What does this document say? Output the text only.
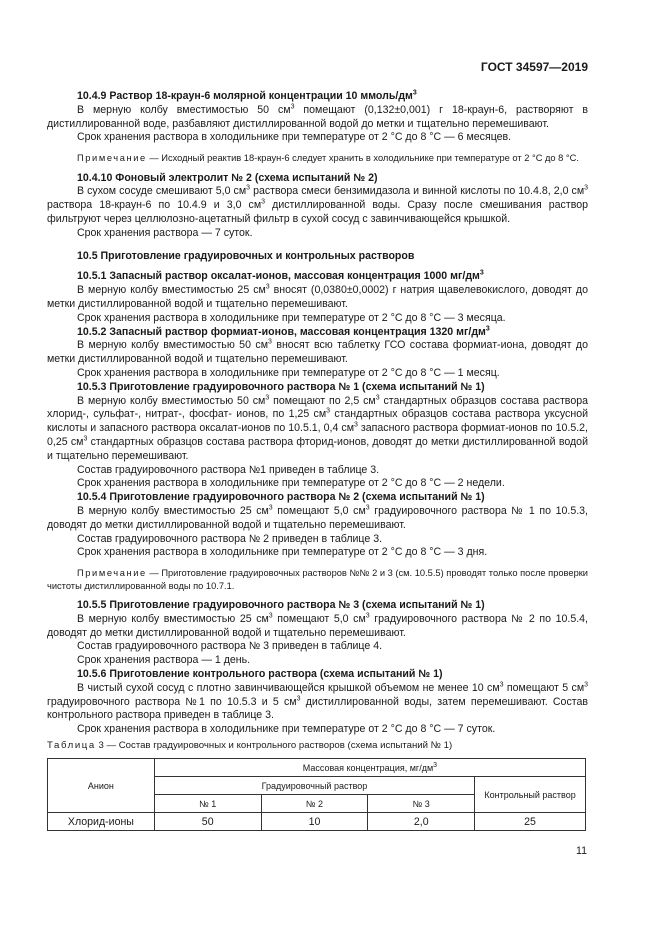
ГОСТ 34597—2019

10.4.9 Раствор 18-краун-6 молярной концентрации 10 ммоль/$дм^3$

В мерную колбу вместимостью 50 $см^3$ помещают (0,132±0,001) г 18-краун-6, растворяют в дистиллированной воде, разбавляют дистиллированной водой до метки и тщательно перемешивают.

Срок хранения раствора в холодильнике при температуре от 2 °С до 8 °С — 6 месяцев.

Примечание — Исходный реактив 18-краун-6 следует хранить в холодильнике при температуре от 2 °С до 8 °С.

10.4.10 Фоновый электролит № 2 (схема испытаний № 2)

В сухом сосуде смешивают 5,0 $см^3$ раствора смеси бензимидазола и винной кислоты по 10.4.8, 2,0 $см^3$ раствора 18-краун-6 по 10.4.9 и 3,0 $см^3$ дистиллированной воды. Сразу после смешивания раствор фильтруют через целлюлозно-ацетатный фильтр в сухой сосуд с завинчивающейся крышкой.

Срок хранения раствора — 7 суток.

10.5 Приготовление градуировочных и контрольных растворов

10.5.1 Запасный раствор оксалат-ионов, массовая концентрация 1000 $мг/дм^3$

В мерную колбу вместимостью 25 $см^3$ вносят (0,0380±0,0002) г натрия щавелевокислого, доводят до метки дистиллированной водой и тщательно перемешивают.

Срок хранения раствора в холодильнике при температуре от 2 °С до 8 °С — 3 месяца.

10.5.2 Запасный раствор формиат-ионов, массовая концентрация 1320 $мг/дм^3$

В мерную колбу вместимостью 50 $см^3$ вносят всю таблетку ГСО состава формиат-иона, доводят до метки дистиллированной водой и тщательно перемешивают.

Срок хранения раствора в холодильнике при температуре от 2 °С до 8 °С — 1 месяц.

10.5.3 Приготовление градуировочного раствора № 1 (схема испытаний № 1)

В мерную колбу вместимостью 50 $см^3$ помещают по 2,5 $см^3$ стандартных образцов состава раствора хлорид-, сульфат-, нитрат-, фосфат- ионов, по 1,25 $см^3$ стандартных образцов состава раствора уксусной кислоты и запасного раствора оксалат-ионов по 10.5.1, 0,4 $см^3$ запасного раствора формиат-ионов по 10.5.2, 0,25 $см^3$ стандартных образцов состава раствора фторид-ионов, доводят до метки дистиллированной водой и тщательно перемешивают.

Состав градуировочного раствора №1 приведен в таблице 3.

Срок хранения раствора в холодильнике при температуре от 2 °С до 8 °С — 2 недели.

10.5.4 Приготовление градуировочного раствора № 2 (схема испытаний № 1)

В мерную колбу вместимостью 25 $см^3$ помещают 5,0 $см^3$ градуировочного раствора № 1 по 10.5.3, доводят до метки дистиллированной водой и тщательно перемешивают.

Состав градуировочного раствора № 2 приведен в таблице 3.

Срок хранения раствора в холодильнике при температуре от 2 °С до 8 °С — 3 дня.

Примечание — Приготовление градуировочных растворов №№ 2 и 3 (см. 10.5.5) проводят только после проверки чистоты дистиллированной воды по 10.7.1.

10.5.5 Приготовление градуировочного раствора № 3 (схема испытаний № 1)

В мерную колбу вместимостью 25 $см^3$ помещают 5,0 $см^3$ градуировочного раствора № 2 по 10.5.4, доводят до метки дистиллированной водой и тщательно перемешивают.

Состав градуировочного раствора № 3 приведен в таблице 4.

Срок хранения раствора — 1 день.

10.5.6 Приготовление контрольного раствора (схема испытаний № 1)

В чистый сухой сосуд с плотно завинчивающейся крышкой объемом не менее 10 $см^3$ помещают 5 $см^3$ градуировочного раствора №1 по 10.5.3 и 5 $см^3$ дистиллированной воды, затем перемешивают. Состав контрольного раствора приведен в таблице 3.

Срок хранения раствора в холодильнике при температуре от 2 °С до 8 °С — 7 суток.

Таблица 3 — Состав градуировочных и контрольного растворов (схема испытаний № 1)
Анион	Массовая концентрация, $мг/дм^3$
	Градуировочный раствор			Контрольный раствор
	№ 1	№ 2	№ 3	
Хлорид-ионы	50	10	2,0	25
11
